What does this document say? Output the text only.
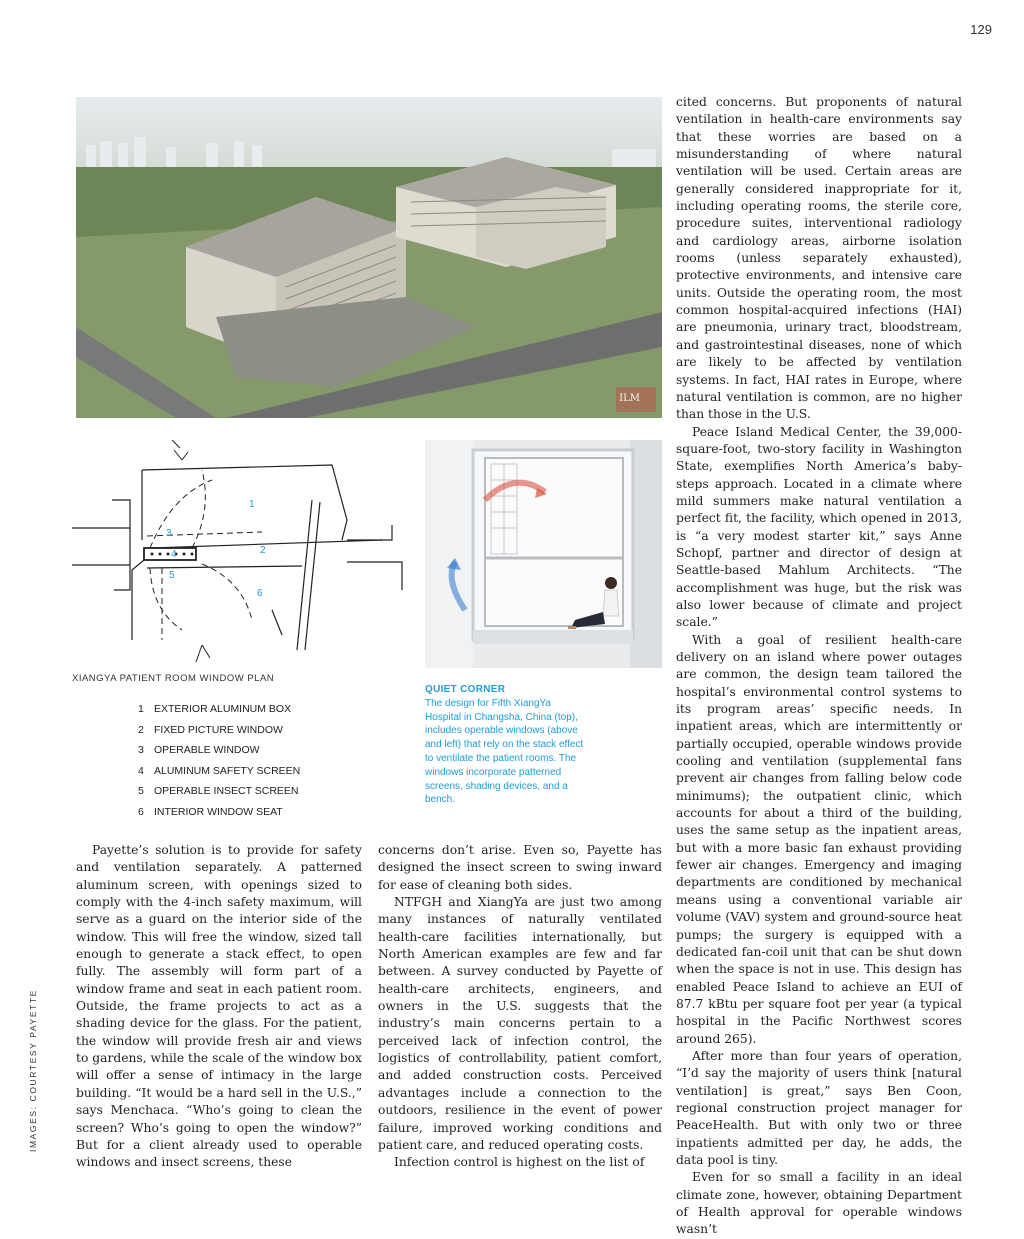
129
ILM
1
2
3
4
5
6
XIANGYA PATIENT ROOM WINDOW PLAN
1 EXTERIOR ALUMINUM BOX
2 FIXED PICTURE WINDOW
3 OPERABLE WINDOW
4 ALUMINUM SAFETY SCREEN
5 OPERABLE INSECT SCREEN
6 INTERIOR WINDOW SEAT
QUIET CORNER
The design for Fifth XiangYa Hospital in Changsha, China (top), includes operable windows (above and left) that rely on the stack effect to ventilate the patient rooms. The windows incorporate patterned screens, shading devices, and a bench.

Payette’s solution is to provide for safety and ventilation separately. A patterned aluminum screen, with openings sized to comply with the 4-inch safety maximum, will serve as a guard on the interior side of the window. This will free the window, sized tall enough to generate a stack effect, to open fully. The assembly will form part of a window frame and seat in each patient room. Outside, the frame projects to act as a shading device for the glass. For the patient, the window will provide fresh air and views to gardens, while the scale of the window box will offer a sense of intimacy in the large building. “It would be a hard sell in the U.S.,” says Menchaca. “Who’s going to clean the screen? Who’s going to open the window?” But for a client already used to operable windows and insect screens, these

concerns don’t arise. Even so, Payette has designed the insect screen to swing inward for ease of cleaning both sides.

NTFGH and XiangYa are just two among many instances of naturally ventilated health-care facilities internationally, but North American examples are few and far between. A survey conducted by Payette of health-care architects, engineers, and owners in the U.S. suggests that the industry’s main concerns pertain to a perceived lack of infection control, the logistics of controllability, patient comfort, and added construction costs. Perceived advantages include a connection to the outdoors, resilience in the event of power failure, improved working conditions and patient care, and reduced operating costs.

Infection control is highest on the list of

cited concerns. But proponents of natural ventilation in health-care environments say that these worries are based on a misunderstanding of where natural ventilation will be used. Certain areas are generally considered inappropriate for it, including operating rooms, the sterile core, procedure suites, interventional radiology and cardiology areas, airborne isolation rooms (unless separately exhausted), protective environments, and intensive care units. Outside the operating room, the most common hospital-acquired infections (HAI) are pneumonia, urinary tract, bloodstream, and gastrointestinal diseases, none of which are likely to be affected by ventilation systems. In fact, HAI rates in Europe, where natural ventilation is common, are no higher than those in the U.S.

Peace Island Medical Center, the 39,000-square-foot, two-story facility in Washington State, exemplifies North America’s baby-steps approach. Located in a climate where mild summers make natural ventilation a perfect fit, the facility, which opened in 2013, is “a very modest starter kit,” says Anne Schopf, partner and director of design at Seattle-based Mahlum Architects. “The accomplishment was huge, but the risk was also lower because of climate and project scale.”

With a goal of resilient health-care delivery on an island where power outages are common, the design team tailored the hospital’s environmental control systems to its program areas’ specific needs. In inpatient areas, which are intermittently or partially occupied, operable windows provide cooling and ventilation (supplemental fans prevent air changes from falling below code minimums); the outpatient clinic, which accounts for about a third of the building, uses the same setup as the inpatient areas, but with a more basic fan exhaust providing fewer air changes. Emergency and imaging departments are conditioned by mechanical means using a conventional variable air volume (VAV) system and ground-source heat pumps; the surgery is equipped with a dedicated fan-coil unit that can be shut down when the space is not in use. This design has enabled Peace Island to achieve an EUI of 87.7 kBtu per square foot per year (a typical hospital in the Pacific Northwest scores around 265).

After more than four years of operation, “I’d say the majority of users think [natural ventilation] is great,” says Ben Coon, regional construction project manager for PeaceHealth. But with only two or three inpatients admitted per day, he adds, the data pool is tiny.

Even for so small a facility in an ideal climate zone, however, obtaining Department of Health approval for operable windows wasn’t

IMAGES: COURTESY PAYETTE
